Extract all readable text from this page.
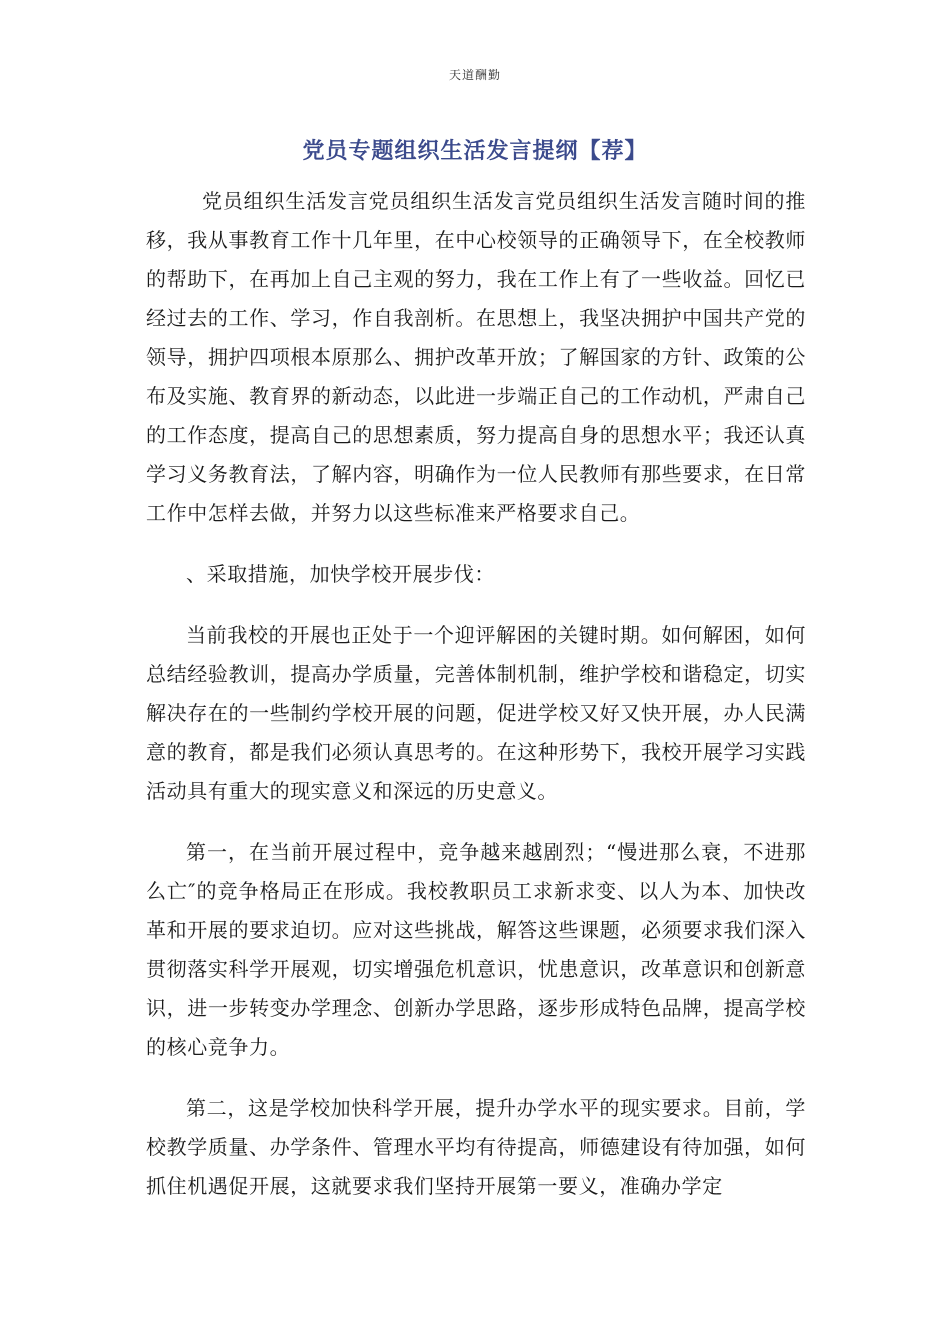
天道酬勤
党员专题组织生活发言提纲【荐】

党员组织生活发言党员组织生活发言党员组织生活发言随时间的推移，我从事教育工作十几年里，在中心校领导的正确领导下，在全校教师的帮助下，在再加上自己主观的努力，我在工作上有了一些收益。回忆已经过去的工作、学习，作自我剖析。在思想上，我坚决拥护中国共产党的领导，拥护四项根本原那么、拥护改革开放；了解国家的方针、政策的公布及实施、教育界的新动态，以此进一步端正自己的工作动机，严肃自己的工作态度，提高自己的思想素质，努力提高自身的思想水平；我还认真学习义务教育法，了解内容，明确作为一位人民教师有那些要求，在日常工作中怎样去做，并努力以这些标准来严格要求自己。

、采取措施，加快学校开展步伐：

当前我校的开展也正处于一个迎评解困的关键时期。如何解困，如何总结经验教训，提高办学质量，完善体制机制，维护学校和谐稳定，切实解决存在的一些制约学校开展的问题，促进学校又好又快开展，办人民满意的教育，都是我们必须认真思考的。在这种形势下，我校开展学习实践活动具有重大的现实意义和深远的历史意义。

第一，在当前开展过程中，竞争越来越剧烈；“慢进那么衰，不进那么亡″的竞争格局正在形成。我校教职员工求新求变、以人为本、加快改革和开展的要求迫切。应对这些挑战，解答这些课题，必须要求我们深入贯彻落实科学开展观，切实增强危机意识，忧患意识，改革意识和创新意识，进一步转变办学理念、创新办学思路，逐步形成特色品牌，提高学校的核心竞争力。

第二，这是学校加快科学开展，提升办学水平的现实要求。目前，学校教学质量、办学条件、管理水平均有待提高，师德建设有待加强，如何抓住机遇促开展，这就要求我们坚持开展第一要义，准确办学定
